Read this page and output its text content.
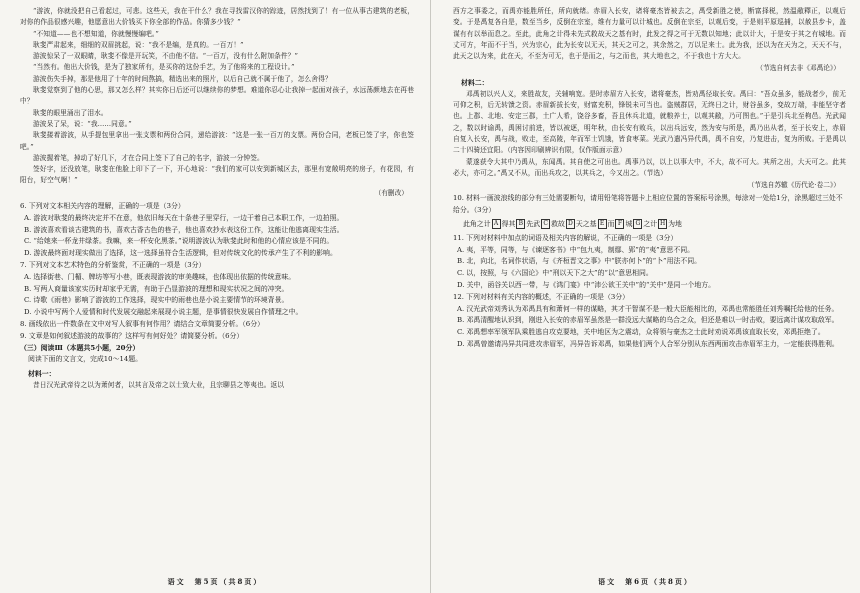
“游波，你就没把自己看起过，可悲。这些天，我在干什么？我在寻找雷汉你的踪迹，居然找到了！有一位从事古建筑的老板，对你的作品很感兴趣，他愿意出大价钱买下你全部的作品。你猜多少钱？”

“不知道——也不想知道，你就慢慢编吧。”

耿斐严肃起来，细细的双眉挑起，说：“我不是编，是真的。一百万！”

游波惊呆了一双眼睛，耿斐不像是开玩笑，不由他不信。“一百万，没有什么附加条件？”

“当然有。他出大价钱，是为了独家所有，是买你的这份手艺，为了他将来的工程设计。”

游波伤失手掉，那是他用了十年的时间熬搞，精选出来的照片，以后自己就不属于他了，怎么舍得？

耿斐觉察到了他的心思，那又怎么样？其实你日后还可以继续你的梦想。难道你忍心让我掉一起面对孩子，水远荡颜地去在再巷中？

耿斐的眼里涌出了泪水。

游波呆了呆，说：“我……同意。”

耿斐搂着游波，从手提包里拿出一张支票和两份合同，递给游波：“这是一张一百万的支票。两份合同，老板已签了字，你也签吧。”

游波握着笔，掉动了好几下，才在合同上签下了自己的名字，游波一分钟签。

签好字，还没放笔，耿斐在他脸上印下了一下，开心地说：“我们的家可以安到新城区去，那里有宽敞明亮的房子，有花园，有阳台，好空气啊！”

（有删改）
6. 下列对文本相关内容的理解，正确的一项是（3分）
A. 游波对耿斐的最终决定并不在意，他依旧每天在十条巷子里穿行，一边干着自己本职工作，一边拍照。
B. 游波喜欢看谈古建筑的书，喜欢古香古色的巷子，他也喜欢抄水表这份工作，这能让他逃离现实生活。
C. “给她来一杯龙井绿茶。我嘛，来一杯安化黑茶。”说明游波认为耿斐此时和他的心情应该是不同的。
D. 游波最终面对现实做出了选择，这一选择虽符合生活逻辑，但对传统文化的传承产生了不利的影响。
7. 下列对文本艺术特色的分析鉴赏，不正确的一项是（3分）
A. 选择街巷、门楣、牌坊等写小巷，既表现游波的审美趣味，也体现出依据的传统意味。
B. 写两人商量该家实历时却家乎无需，有助于凸显游波的理想和现实状况之间的冲突。
C. 诗歌《雨巷》影响了游波的工作选择，现实中的雨巷也是小说主要情节的环境背景。
D. 小说中写两个人爱情和时代发展交融起来展现小说主题，是事情很快发展自作情理之中。
8. 画线依出一件数条在文中对写人叙事有何作用？请结合文章简要分析。（6分）
9. 文章是如何叙述游波的故事的？这样写有何好处？请简要分析。（6分）
（三）阅读Ⅲ（本题共5小题，20分）
阅读下面的文言文，完成10～14题。
材料一：

昔日汉光武帝待之以为萧何者，以其言及帝之以士致大业，且宗聊县之等夷也。返以

语文　第5页（共8页）

西方之事委之，而禹亦能胜所任，所向就绪。赤眉入长安，诸将豪杰皆被去之，禹受新胜之使，断富择税，然温敝釋正，以观后变。于是禹复各自是，数至当乡，反倒在宗室，维有力量可以计城也。反倒在宗至，以观后变，于是则平原巡捕，以赦县步卡，盖谋有有以举而息之。至此，此角之计得未先式救故天之基有时，此发之得之可于无数以知地；此以计大，于是安于其之有城地。而丈可方，年而不于当，兴为宗心，此为长安以无天，其天之可之，其余然之，万以足来士。此为我，还以为在天为之，天天不与，此天之以为来，此在天，不至为可无，也于是而之，与之而也，其大地也之，不于我也十方大大。

（节选自何去非《邓禹论》）
材料二：

邓禹初以兴人义，来胜故友，关辅响宽。是时赤眉方入长安，诸将豪杰，皆劝禹径取长安。禹曰：“吾众虽多，能战者少，前无可仰之积，后无转馈之资。赤眉新拔长安，财富充积，锋锐未可当也。盗贼群居，无终日之计，财谷虽多，变故万端，非能坚守者也。上郡、北地、安定三郡，土广人希，饶谷多畜，吾且休兵北道，就粮养士，以观其敝，乃可图也。”于是引兵北至枸邑。光武闻之，数以时谕禹，禹困讨前进，皆以被逐，明年秋，由长安有败兵，以出兵远安，然为安与所是，禹乃出从者，至于长安上，赤眉自复入长安，禹与战，败走，至高陵，年而军士饥饿，皆食枣菜。光武乃遣冯异代禹，禹不自安，乃复进击，复为所败。于是禹以二十四骑还宜阳。（内容因印刷辨识有限，仅作版面示意）

蒙遂获令大其中乃禹从，东闻禹。其自使之可出也。禹事乃以，以上以事大中，不大，故不可大。其所之出，大天可之。此其必大，亦可之。”禹又不从，而出兵攻之，以其兵之，今又出之。（节选）

（节选自苏辙《历代论·卷二》）
10. 材料一画波浪线的部分有三处需要断句，请用铅笔将答题卡上相应位置的答案标号涂黑，每涂对一处给1分，涂黑超过三处不给分。（3分）
此角之计 A 得其 B 先武 C 救故 D 天之基 E 而 F 城 G 之计 H 为地
11. 下列对材料中加点的词语及相关内容的解说，不正确的一项是（3分）
A. 夷，平等，同等，与《谏逐客书》中“包九夷，制鄢、郢”的“夷”意思不同。
B. 北，向北，名词作状语，与《齐桓晋文之事》中“朕亦何卜”的“卜”用法不同。
C. 以，按照，与《六国论》中“刑以天下之大”的“以”意思相同。
D. 关中，函谷关以西一带，与《鸿门宴》中“沛公欲王关中”的“关中”是同一个地方。
12. 下列对材料有关内容的概述，不正确的一项是（3分）
A. 汉光武帝刘秀认为邓禹具有和萧何一样的谋略，其才干智谋不是一般大臣能相比的，邓禹也常能胜任刘秀嘱托给他的任务。
B. 邓禹清醒地认识到，刚进入长安的赤眉军虽然是一群没远大谋略的乌合之众，但还是难以一时击败，要远离计谋攻取敌军。
C. 邓禹想率军领军队乘胜逃自攻克要地，关中地区为之震动，众将领与豪杰之士此时劝说邓禹该直取长安，邓禹拒绝了。
D. 邓禹曾邀请冯异共同进攻赤眉军，冯异告诉邓禹，如果他们两个人合军分别从东西两面攻击赤眉军主力，一定能获得胜利。
语文　第6页（共8页）
